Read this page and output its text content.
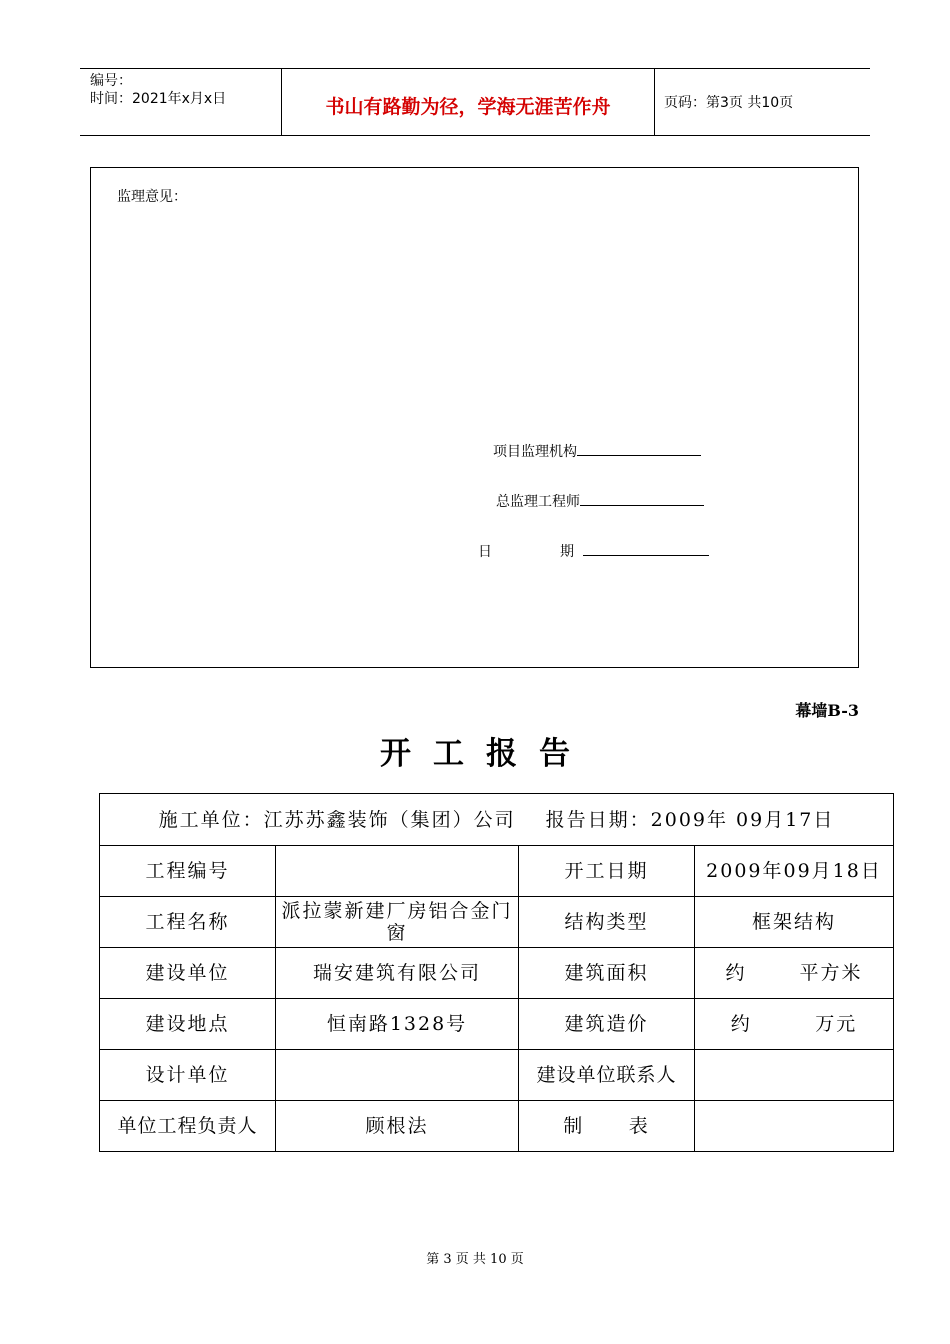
编号：
时间：2021年x月x日	书山有路勤为径，学海无涯苦作舟	页码：第3页 共10页
监理意见：
项目监理机构
总监理工程师
日	期
幕墙B-3
开工报告
施工单位：江苏苏鑫装饰（集团）公司 报告日期：2009年 09月17日			
工程编号		开工日期	2009年09月18日
工程名称	派拉蒙新建厂房铝合金门窗	结构类型	框架结构
建设单位	瑞安建筑有限公司	建筑面积	约 平方米

建设地点	恒南路1328号	建筑造价	约 万元

设计单位		建设单位联系人	
单位工程负责人	顾根法	制 表	

第 3 页 共 10 页
